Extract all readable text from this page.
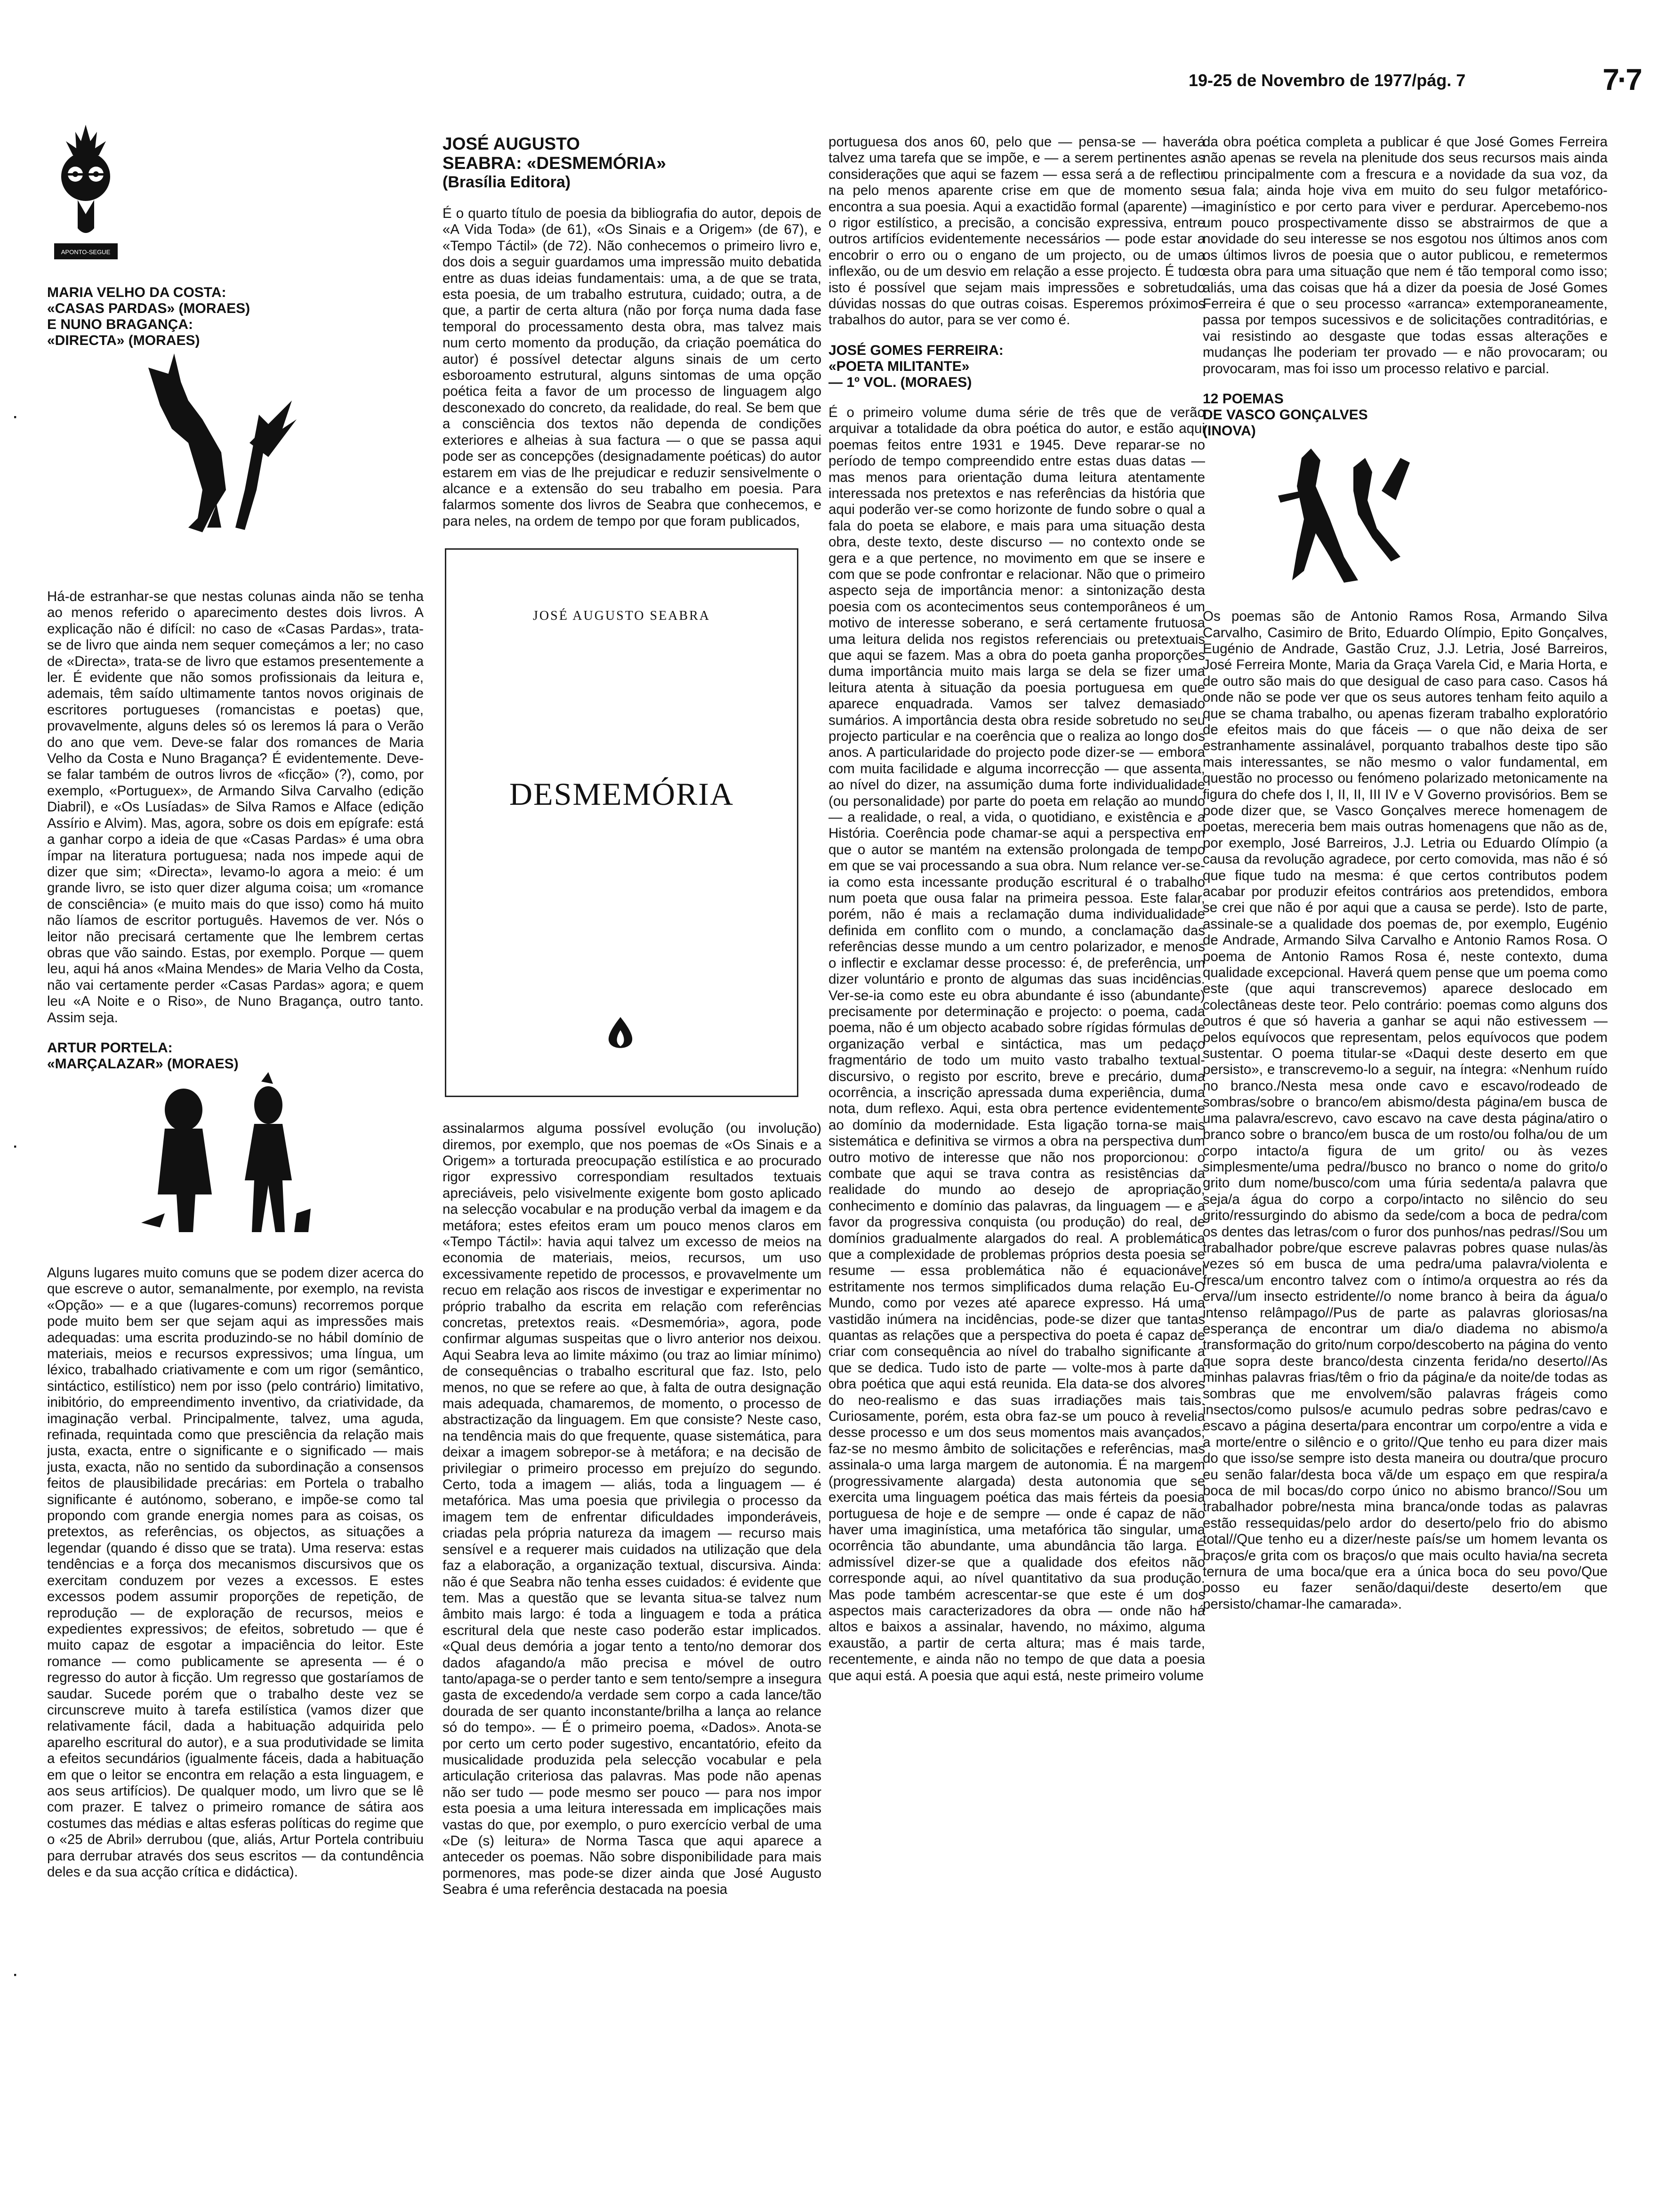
19-25 de Novembro de 1977/pág. 7	7·7
APONTO-SEGUE

MARIA VELHO DA COSTA:

«CASAS PARDAS» (MORAES)

E NUNO BRAGANÇA:

«DIRECTA» (MORAES)

Há-de estranhar-se que nestas colunas ainda não se tenha ao menos referido o aparecimento destes dois livros. A explicação não é difícil: no caso de «Casas Pardas», trata-se de livro que ainda nem sequer começámos a ler; no caso de «Directa», trata-se de livro que estamos presentemente a ler. É evidente que não somos profissionais da leitura e, ademais, têm saído ultimamente tantos novos originais de escritores portugueses (romancistas e poetas) que, provavelmente, alguns deles só os leremos lá para o Verão do ano que vem. Deve-se falar dos romances de Maria Velho da Costa e Nuno Bragança? É evidentemente. Deve-se falar também de outros livros de «ficção» (?), como, por exemplo, «Portuguex», de Armando Silva Carvalho (edição Diabril), e «Os Lusíadas» de Silva Ramos e Alface (edição Assírio e Alvim). Mas, agora, sobre os dois em epígrafe: está a ganhar corpo a ideia de que «Casas Pardas» é uma obra ímpar na literatura portuguesa; nada nos impede aqui de dizer que sim; «Directa», levamo-lo agora a meio: é um grande livro, se isto quer dizer alguma coisa; um «romance de consciência» (e muito mais do que isso) como há muito não líamos de escritor português. Havemos de ver. Nós o leitor não precisará certamente que lhe lembrem certas obras que vão saindo. Estas, por exemplo. Porque — quem leu, aqui há anos «Maina Mendes» de Maria Velho da Costa, não vai certamente perder «Casas Pardas» agora; e quem leu «A Noite e o Riso», de Nuno Bragança, outro tanto. Assim seja.

ARTUR PORTELA:

«MARÇALAZAR» (MORAES)

Alguns lugares muito comuns que se podem dizer acerca do que escreve o autor, semanalmente, por exemplo, na revista «Opção» — e a que (lugares-comuns) recorremos porque pode muito bem ser que sejam aqui as impressões mais adequadas: uma escrita produzindo-se no hábil domínio de materiais, meios e recursos expressivos; uma língua, um léxico, trabalhado criativamente e com um rigor (semântico, sintáctico, estilístico) nem por isso (pelo contrário) limitativo, inibitório, do empreendimento inventivo, da criatividade, da imaginação verbal. Principalmente, talvez, uma aguda, refinada, requintada como que presciência da relação mais justa, exacta, entre o significante e o significado — mais justa, exacta, não no sentido da subordinação a consensos feitos de plausibilidade precárias: em Portela o trabalho significante é autónomo, soberano, e impõe-se como tal propondo com grande energia nomes para as coisas, os pretextos, as referências, os objectos, as situações a legendar (quando é disso que se trata). Uma reserva: estas tendências e a força dos mecanismos discursivos que os exercitam conduzem por vezes a excessos. E estes excessos podem assumir proporções de repetição, de reprodução — de exploração de recursos, meios e expedientes expressivos; de efeitos, sobretudo — que é muito capaz de esgotar a impaciência do leitor. Este romance — como publicamente se apresenta — é o regresso do autor à ficção. Um regresso que gostaríamos de saudar. Sucede porém que o trabalho deste vez se circunscreve muito à tarefa estilística (vamos dizer que relativamente fácil, dada a habituação adquirida pelo aparelho escritural do autor), e a sua produtividade se limita a efeitos secundários (igualmente fáceis, dada a habituação em que o leitor se encontra em relação a esta linguagem, e aos seus artifícios). De qualquer modo, um livro que se lê com prazer. E talvez o primeiro romance de sátira aos costumes das médias e altas esferas políticas do regime que o «25 de Abril» derrubou (que, aliás, Artur Portela contribuiu para derrubar através dos seus escritos — da contundência deles e da sua acção crítica e didáctica).

JOSÉ AUGUSTO

SEABRA: «DESMEMÓRIA»

(Brasília Editora)

É o quarto título de poesia da bibliografia do autor, depois de «A Vida Toda» (de 61), «Os Sinais e a Origem» (de 67), e «Tempo Táctil» (de 72). Não conhecemos o primeiro livro e, dos dois a seguir guardamos uma impressão muito debatida entre as duas ideias fundamentais: uma, a de que se trata, esta poesia, de um trabalho estrutura, cuidado; outra, a de que, a partir de certa altura (não por força numa dada fase temporal do processamento desta obra, mas talvez mais num certo momento da produção, da criação poemática do autor) é possível detectar alguns sinais de um certo esboroamento estrutural, alguns sintomas de uma opção poética feita a favor de um processo de linguagem algo desconexado do concreto, da realidade, do real. Se bem que a consciência dos textos não dependa de condições exteriores e alheias à sua factura — o que se passa aqui pode ser as concepções (designadamente poéticas) do autor estarem em vias de lhe prejudicar e reduzir sensivelmente o alcance e a extensão do seu trabalho em poesia. Para falarmos somente dos livros de Seabra que conhecemos, e para neles, na ordem de tempo por que foram publicados,

JOSÉ AUGUSTO SEABRA
DESMEMÓRIA

assinalarmos alguma possível evolução (ou involução) diremos, por exemplo, que nos poemas de «Os Sinais e a Origem» a torturada preocupação estilística e ao procurado rigor expressivo correspondiam resultados textuais apreciáveis, pelo visivelmente exigente bom gosto aplicado na selecção vocabular e na produção verbal da imagem e da metáfora; estes efeitos eram um pouco menos claros em «Tempo Táctil»: havia aqui talvez um excesso de meios na economia de materiais, meios, recursos, um uso excessivamente repetido de processos, e provavelmente um recuo em relação aos riscos de investigar e experimentar no próprio trabalho da escrita em relação com referências concretas, pretextos reais. «Desmemória», agora, pode confirmar algumas suspeitas que o livro anterior nos deixou. Aqui Seabra leva ao limite máximo (ou traz ao limiar mínimo) de consequências o trabalho escritural que faz. Isto, pelo menos, no que se refere ao que, à falta de outra designação mais adequada, chamaremos, de momento, o processo de abstractização da linguagem. Em que consiste? Neste caso, na tendência mais do que frequente, quase sistemática, para deixar a imagem sobrepor-se à metáfora; e na decisão de privilegiar o primeiro processo em prejuízo do segundo. Certo, toda a imagem — aliás, toda a linguagem — é metafórica. Mas uma poesia que privilegia o processo da imagem tem de enfrentar dificuldades imponderáveis, criadas pela própria natureza da imagem — recurso mais sensível e a requerer mais cuidados na utilização que dela faz a elaboração, a organização textual, discursiva. Ainda: não é que Seabra não tenha esses cuidados: é evidente que tem. Mas a questão que se levanta situa-se talvez num âmbito mais largo: é toda a linguagem e toda a prática escritural dela que neste caso poderão estar implicados. «Qual deus demória a jogar tento a tento/no demorar dos dados afagando/a mão precisa e móvel de outro tanto/apaga-se o perder tanto e sem tento/sempre a insegura gasta de excedendo/a verdade sem corpo a cada lance/tão dourada de ser quanto inconstante/brilha a lança ao relance só do tempo». — É o primeiro poema, «Dados». Anota-se por certo um certo poder sugestivo, encantatório, efeito da musicalidade produzida pela selecção vocabular e pela articulação criteriosa das palavras. Mas pode não apenas não ser tudo — pode mesmo ser pouco — para nos impor esta poesia a uma leitura interessada em implicações mais vastas do que, por exemplo, o puro exercício verbal de uma «De (s) leitura» de Norma Tasca que aqui aparece a anteceder os poemas. Não sobre disponibilidade para mais pormenores, mas pode-se dizer ainda que José Augusto Seabra é uma referência destacada na poesia

portuguesa dos anos 60, pelo que — pensa-se — haverá talvez uma tarefa que se impõe, e — a serem pertinentes as considerações que aqui se fazem — essa será a de reflectir na pelo menos aparente crise em que de momento se encontra a sua poesia. Aqui a exactidão formal (aparente) — o rigor estilístico, a precisão, a concisão expressiva, entre outros artifícios evidentemente necessários — pode estar a encobrir o erro ou o engano de um projecto, ou de uma inflexão, ou de um desvio em relação a esse projecto. É tudo isto é possível que sejam mais impressões e sobretudo dúvidas nossas do que outras coisas. Esperemos próximos trabalhos do autor, para se ver como é.

JOSÉ GOMES FERREIRA:

«POETA MILITANTE»

— 1º VOL. (MORAES)

É o primeiro volume duma série de três que de verão arquivar a totalidade da obra poética do autor, e estão aqui poemas feitos entre 1931 e 1945. Deve reparar-se no período de tempo compreendido entre estas duas datas — mas menos para orientação duma leitura atentamente interessada nos pretextos e nas referências da história que aqui poderão ver-se como horizonte de fundo sobre o qual a fala do poeta se elabore, e mais para uma situação desta obra, deste texto, deste discurso — no contexto onde se gera e a que pertence, no movimento em que se insere e com que se pode confrontar e relacionar. Não que o primeiro aspecto seja de importância menor: a sintonização desta poesia com os acontecimentos seus contemporâneos é um motivo de interesse soberano, e será certamente frutuosa uma leitura delida nos registos referenciais ou pretextuais que aqui se fazem. Mas a obra do poeta ganha proporções duma importância muito mais larga se dela se fizer uma leitura atenta à situação da poesia portuguesa em que aparece enquadrada. Vamos ser talvez demasiado sumários. A importância desta obra reside sobretudo no seu projecto particular e na coerência que o realiza ao longo dos anos. A particularidade do projecto pode dizer-se — embora com muita facilidade e alguma incorrecção — que assenta, ao nível do dizer, na assumição duma forte individualidade (ou personalidade) por parte do poeta em relação ao mundo — a realidade, o real, a vida, o quotidiano, e existência e a História. Coerência pode chamar-se aqui a perspectiva em que o autor se mantém na extensão prolongada de tempo em que se vai processando a sua obra. Num relance ver-se-ia como esta incessante produção escritural é o trabalho num poeta que ousa falar na primeira pessoa. Este falar, porém, não é mais a reclamação duma individualidade definida em conflito com o mundo, a conclamação das referências desse mundo a um centro polarizador, e menos o inflectir e exclamar desse processo: é, de preferência, um dizer voluntário e pronto de algumas das suas incidências. Ver-se-ia como este eu obra abundante é isso (abundante) precisamente por determinação e projecto: o poema, cada poema, não é um objecto acabado sobre rígidas fórmulas de organização verbal e sintáctica, mas um pedaço fragmentário de todo um muito vasto trabalho textual-discursivo, o registo por escrito, breve e precário, duma ocorrência, a inscrição apressada duma experiência, duma nota, dum reflexo. Aqui, esta obra pertence evidentemente ao domínio da modernidade. Esta ligação torna-se mais sistemática e definitiva se virmos a obra na perspectiva dum outro motivo de interesse que não nos proporcionou: o combate que aqui se trava contra as resistências da realidade do mundo ao desejo de apropriação, conhecimento e domínio das palavras, da linguagem — e a favor da progressiva conquista (ou produção) do real, de domínios gradualmente alargados do real. A problemática que a complexidade de problemas próprios desta poesia se resume — essa problemática não é equacionável estritamente nos termos simplificados duma relação Eu-O Mundo, como por vezes até aparece expresso. Há uma vastidão inúmera na incidências, pode-se dizer que tantas quantas as relações que a perspectiva do poeta é capaz de criar com consequência ao nível do trabalho significante a que se dedica. Tudo isto de parte — volte-mos à parte da obra poética que aqui está reunida. Ela data-se dos alvores do neo-realismo e das suas irradiações mais tais. Curiosamente, porém, esta obra faz-se um pouco à revelia desse processo e um dos seus momentos mais avançados; faz-se no mesmo âmbito de solicitações e referências, mas assinala-o uma larga margem de autonomia. É na margem (progressivamente alargada) desta autonomia que se exercita uma linguagem poética das mais férteis da poesia portuguesa de hoje e de sempre — onde é capaz de não haver uma imaginística, uma metafórica tão singular, uma ocorrência tão abundante, uma abundância tão larga. É admissível dizer-se que a qualidade dos efeitos não corresponde aqui, ao nível quantitativo da sua produção. Mas pode também acrescentar-se que este é um dos aspectos mais caracterizadores da obra — onde não há altos e baixos a assinalar, havendo, no máximo, alguma exaustão, a partir de certa altura; mas é mais tarde, recentemente, e ainda não no tempo de que data a poesia que aqui está. A poesia que aqui está, neste primeiro volume

da obra poética completa a publicar é que José Gomes Ferreira não apenas se revela na plenitude dos seus recursos mais ainda ou principalmente com a frescura e a novidade da sua voz, da sua fala; ainda hoje viva em muito do seu fulgor metafórico-imaginístico e por certo para viver e perdurar. Apercebemo-nos um pouco prospectivamente disso se abstrairmos de que a novidade do seu interesse se nos esgotou nos últimos anos com os últimos livros de poesia que o autor publicou, e remetermos esta obra para uma situação que nem é tão temporal como isso; aliás, uma das coisas que há a dizer da poesia de José Gomes Ferreira é que o seu processo «arranca» extemporaneamente, passa por tempos sucessivos e de solicitações contraditórias, e vai resistindo ao desgaste que todas essas alterações e mudanças lhe poderiam ter provado — e não provocaram; ou provocaram, mas foi isso um processo relativo e parcial.

12 POEMAS

DE VASCO GONÇALVES

(INOVA)

Os poemas são de Antonio Ramos Rosa, Armando Silva Carvalho, Casimiro de Brito, Eduardo Olímpio, Epito Gonçalves, Eugénio de Andrade, Gastão Cruz, J.J. Letria, José Barreiros, José Ferreira Monte, Maria da Graça Varela Cid, e Maria Horta, e de outro são mais do que desigual de caso para caso. Casos há onde não se pode ver que os seus autores tenham feito aquilo a que se chama trabalho, ou apenas fizeram trabalho exploratório de efeitos mais do que fáceis — o que não deixa de ser estranhamente assinalável, porquanto trabalhos deste tipo são mais interessantes, se não mesmo o valor fundamental, em questão no processo ou fenómeno polarizado metonicamente na figura do chefe dos I, II, II, III IV e V Governo provisórios. Bem se pode dizer que, se Vasco Gonçalves merece homenagem de poetas, mereceria bem mais outras homenagens que não as de, por exemplo, José Barreiros, J.J. Letria ou Eduardo Olímpio (a causa da revolução agradece, por certo comovida, mas não é só que fique tudo na mesma: é que certos contributos podem acabar por produzir efeitos contrários aos pretendidos, embora se crei que não é por aqui que a causa se perde). Isto de parte, assinale-se a qualidade dos poemas de, por exemplo, Eugénio de Andrade, Armando Silva Carvalho e Antonio Ramos Rosa. O poema de Antonio Ramos Rosa é, neste contexto, duma qualidade excepcional. Haverá quem pense que um poema como este (que aqui transcrevemos) aparece deslocado em colectâneas deste teor. Pelo contrário: poemas como alguns dos outros é que só haveria a ganhar se aqui não estivessem — pelos equívocos que representam, pelos equívocos que podem sustentar. O poema titular-se «Daqui deste deserto em que persisto», e transcrevemo-lo a seguir, na íntegra: «Nenhum ruído no branco./Nesta mesa onde cavo e escavo/rodeado de sombras/sobre o branco/em abismo/desta página/em busca de uma palavra/escrevo, cavo escavo na cave desta página/atiro o branco sobre o branco/em busca de um rosto/ou folha/ou de um corpo intacto/a figura de um grito/ ou às vezes simplesmente/uma pedra//busco no branco o nome do grito/o grito dum nome/busco/com uma fúria sedenta/a palavra que seja/a água do corpo a corpo/intacto no silêncio do seu grito/ressurgindo do abismo da sede/com a boca de pedra/com os dentes das letras/com o furor dos punhos/nas pedras//Sou um trabalhador pobre/que escreve palavras pobres quase nulas/às vezes só em busca de uma pedra/uma palavra/violenta e fresca/um encontro talvez com o íntimo/a orquestra ao rés da erva//um insecto estridente//o nome branco à beira da água/o intenso relâmpago//Pus de parte as palavras gloriosas/na esperança de encontrar um dia/o diadema no abismo/a transformação do grito/num corpo/descoberto na página do vento que sopra deste branco/desta cinzenta ferida/no deserto//As minhas palavras frias/têm o frio da página/e da noite/de todas as sombras que me envolvem/são palavras frágeis como insectos/como pulsos/e acumulo pedras sobre pedras/cavo e escavo a página deserta/para encontrar um corpo/entre a vida e a morte/entre o silêncio e o grito//Que tenho eu para dizer mais do que isso/se sempre isto desta maneira ou doutra/que procuro eu senão falar/desta boca vã/de um espaço em que respira/a boca de mil bocas/do corpo único no abismo branco//Sou um trabalhador pobre/nesta mina branca/onde todas as palavras estão ressequidas/pelo ardor do deserto/pelo frio do abismo total//Que tenho eu a dizer/neste país/se um homem levanta os braços/e grita com os braços/o que mais oculto havia/na secreta ternura de uma boca/que era a única boca do seu povo/Que posso eu fazer senão/daqui/deste deserto/em que persisto/chamar-lhe camarada».

·
·
·
